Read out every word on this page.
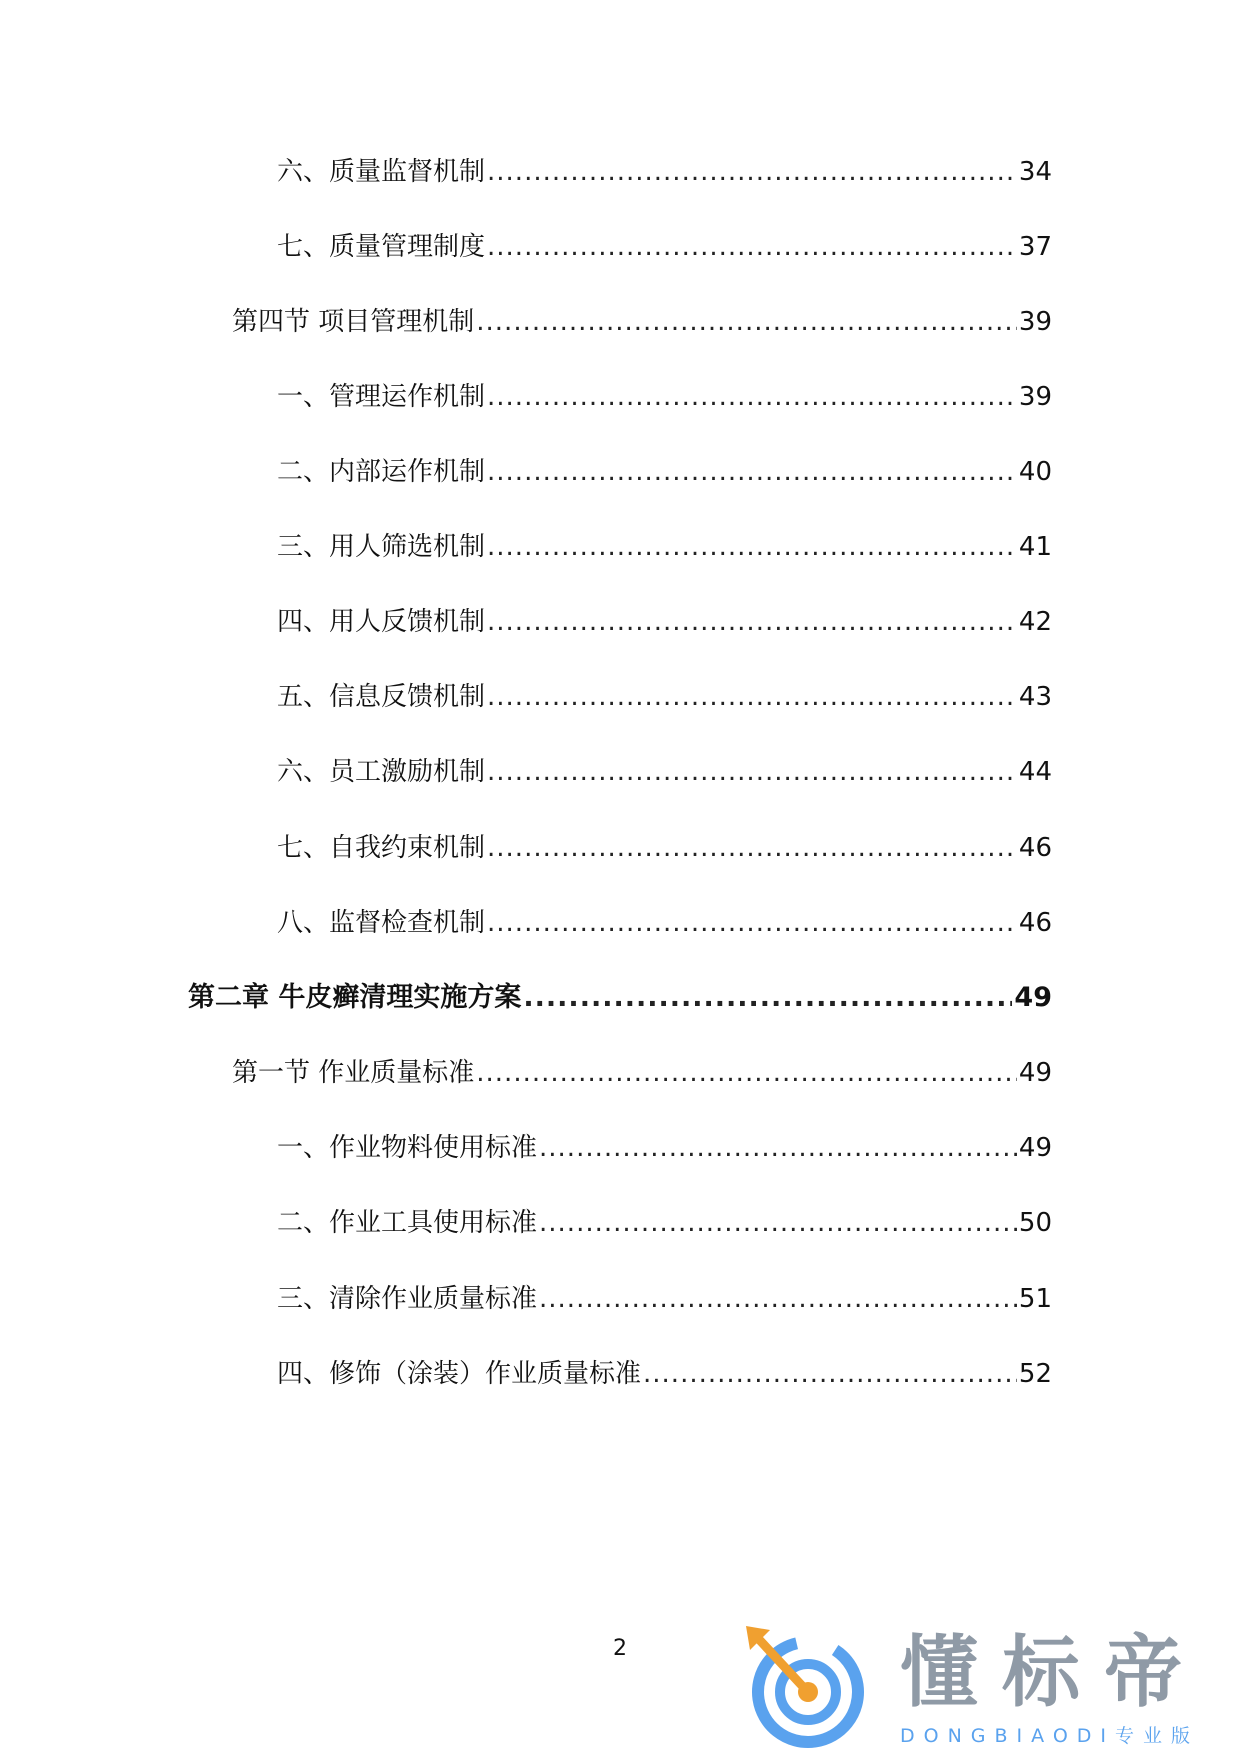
六、质量监督机制 .....	34
七、质量管理制度 .....	37
第四节 项目管理机制 .....	39
一、管理运作机制 .....	39
二、内部运作机制 .....	40
三、用人筛选机制 .....	41
四、用人反馈机制 .....	42
五、信息反馈机制 .....	43
六、员工激励机制 .....	44
七、自我约束机制 .....	46
八、监督检查机制 .....	46
第二章 牛皮癣清理实施方案 .....	49
第一节 作业质量标准 .....	49
一、作业物料使用标准 .....	49
二、作业工具使用标准 .....	50
三、清除作业质量标准 .....	51
四、修饰（涂装）作业质量标准 .....	52
2	懂标帝
DONGBIAODI专业版
